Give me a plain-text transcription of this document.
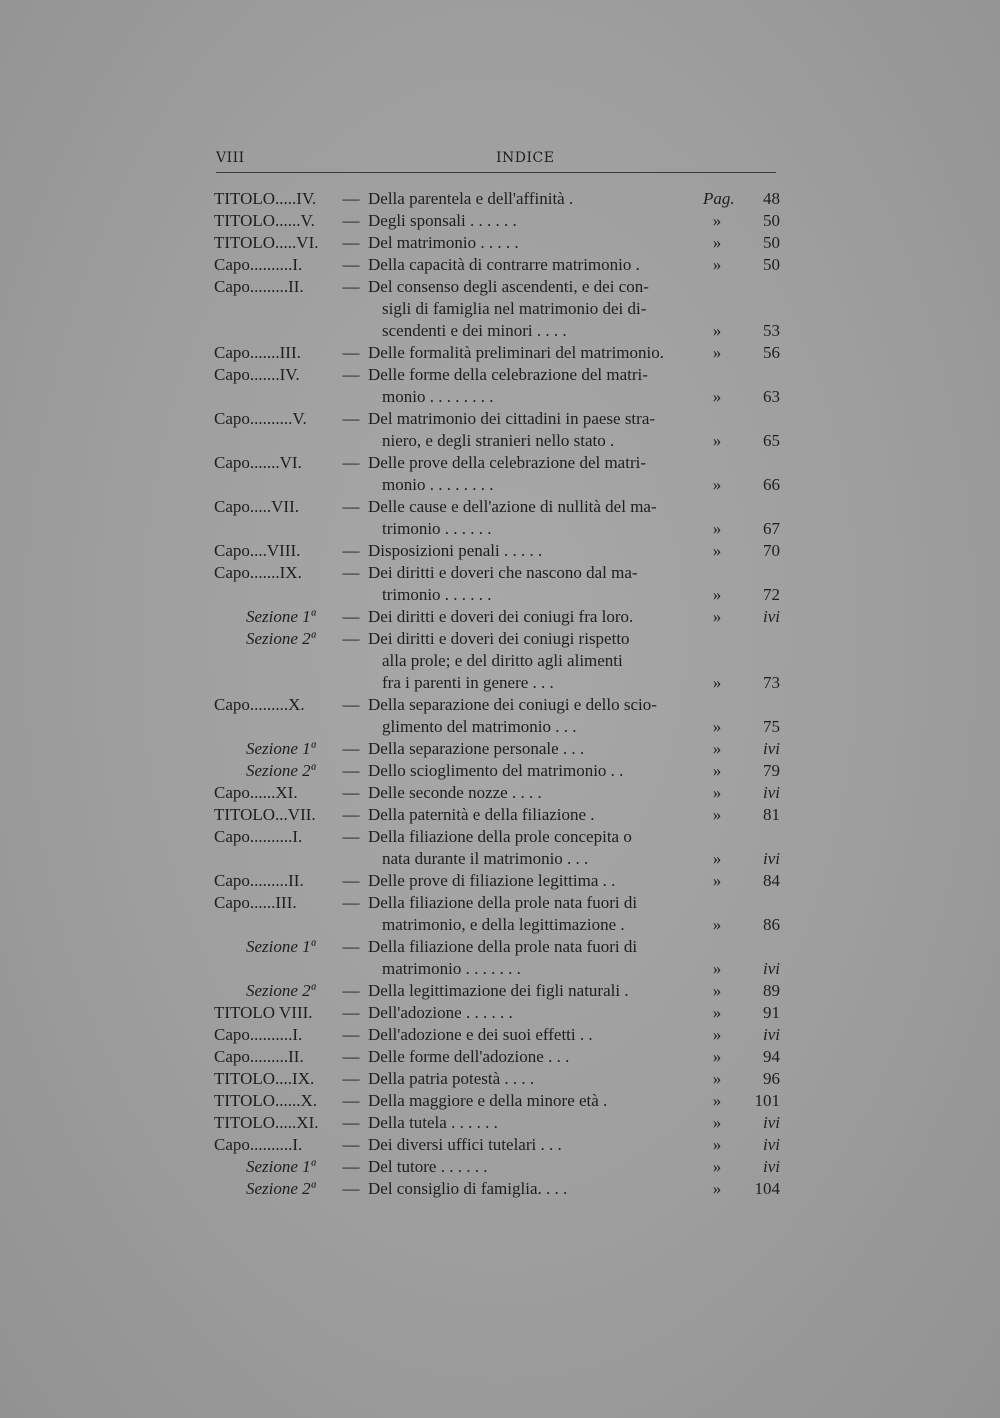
VIII	INDICE
TITOLO.....IV.	— Della parentela e dell'affinità .	Pag.	48
TITOLO......V.	— Degli sponsali . . . . . .	»	50
TITOLO.....VI.	— Del matrimonio . . . . .	»	50
Capo..........I.	— Della capacità di contrarre matrimonio .	»	50
Capo.........II.	— Del consenso degli ascendenti, e dei con-
sigli di famiglia nel matrimonio dei di-
scendenti e dei minori . . . .	»	53
Capo.......III.	— Delle formalità preliminari del matrimonio.	»	56
Capo.......IV.	— Delle forme della celebrazione del matri-
monio . . . . . . . .	»	63
Capo..........V.	— Del matrimonio dei cittadini in paese stra-
niero, e degli stranieri nello stato .	»	65
Capo.......VI.	— Delle prove della celebrazione del matri-
monio . . . . . . . .	»	66
Capo.....VII.	— Delle cause e dell'azione di nullità del ma-
trimonio . . . . . .	»	67
Capo....VIII.	— Disposizioni penali . . . . .	»	70
Capo.......IX.	— Dei diritti e doveri che nascono dal ma-
trimonio . . . . . .	»	72
Sezione 1ª	— Dei diritti e doveri dei coniugi fra loro.	»	ivi
Sezione 2ª	— Dei diritti e doveri dei coniugi rispetto
alla prole; e del diritto agli alimenti
fra i parenti in genere . . .	»	73
Capo.........X.	— Della separazione dei coniugi e dello scio-
glimento del matrimonio . . .	»	75
Sezione 1ª	— Della separazione personale . . .	»	ivi
Sezione 2ª	— Dello scioglimento del matrimonio . .	»	79
Capo......XI.	— Delle seconde nozze . . . .	»	ivi
TITOLO...VII.	— Della paternità e della filiazione .	»	81
Capo..........I.	— Della filiazione della prole concepita o
nata durante il matrimonio . . .	»	ivi
Capo.........II.	— Delle prove di filiazione legittima . .	»	84
Capo......III.	— Della filiazione della prole nata fuori di
matrimonio, e della legittimazione .	»	86
Sezione 1ª	— Della filiazione della prole nata fuori di
matrimonio . . . . . . .	»	ivi
Sezione 2ª	— Della legittimazione dei figli naturali .	»	89
TITOLO VIII.	— Dell'adozione . . . . . .	»	91
Capo..........I.	— Dell'adozione e dei suoi effetti . .	»	ivi
Capo.........II.	— Delle forme dell'adozione . . .	»	94
TITOLO....IX.	— Della patria potestà . . . .	»	96
TITOLO......X.	— Della maggiore e della minore età .	»	101
TITOLO.....XI.	— Della tutela . . . . . .	»	ivi
Capo..........I.	— Dei diversi uffici tutelari . . .	»	ivi
Sezione 1ª	— Del tutore . . . . . .	»	ivi
Sezione 2ª	— Del consiglio di famiglia. . . .	»	104
